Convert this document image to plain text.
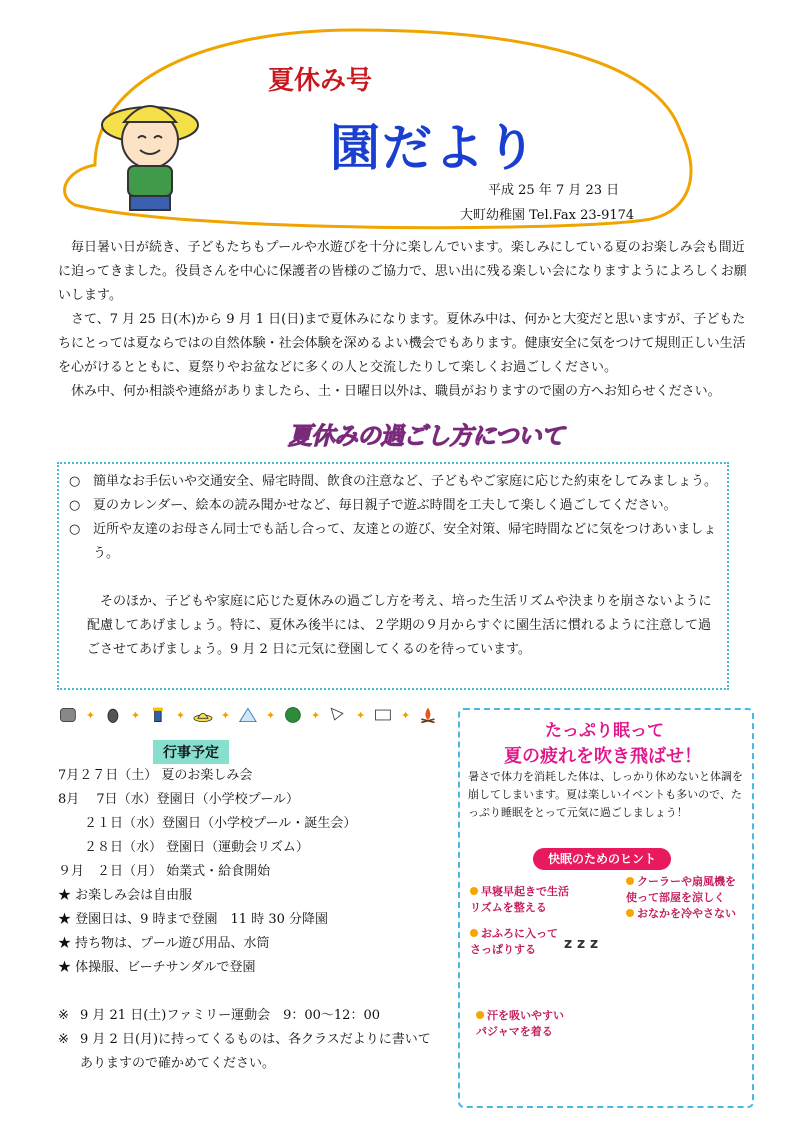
夏休み号
園だより
平成 25 年 7 月 23 日
大町幼稚園 Tel.Fax 23-9174

毎日暑い日が続き、子どもたちもプールや水遊びを十分に楽しんでいます。楽しみにしている夏のお楽しみ会も間近に迫ってきました。役員さんを中心に保護者の皆様のご協力で、思い出に残る楽しい会になりますようによろしくお願いします。

さて、7 月 25 日(木)から 9 月 1 日(日)まで夏休みになります。夏休み中は、何かと大変だと思いますが、子どもたちにとっては夏ならではの自然体験・社会体験を深めるよい機会でもあります。健康安全に気をつけて規則正しい生活を心がけるとともに、夏祭りやお盆などに多くの人と交流したりして楽しくお過ごしください。

休み中、何か相談や連絡がありましたら、土・日曜日以外は、職員がおりますので園の方へお知らせください。

夏休みの過ごし方について
○ 簡単なお手伝いや交通安全、帰宅時間、飲食の注意など、子どもやご家庭に応じた約束をしてみましょう。
○ 夏のカレンダー、絵本の読み聞かせなど、毎日親子で遊ぶ時間を工夫して楽しく過ごしてください。
○ 近所や友達のお母さん同士でも話し合って、友達との遊び、安全対策、帰宅時間などに気をつけあいましょう。
そのほか、子どもや家庭に応じた夏休みの過ごし方を考え、培った生活リズムや決まりを崩さないように配慮してあげましょう。特に、夏休み後半には、２学期の９月からすぐに園生活に慣れるように注意して過ごさせてあげましょう。9 月 2 日に元気に登園してくるのを待っています。
✦	✦	✦	✦	✦	✦	✦	✦
行事予定
7月２７日（土） 夏のお楽しみ会
8月　 7日（水）登園日（小学校プール）
　　２１日（水）登園日（小学校プール・誕生会）
　　２８日（水） 登園日（運動会リズム）
９月　２日（月） 始業式・給食開始
★ お楽しみ会は自由服
★ 登園日は、9 時まで登園　11 時 30 分降園
★ 持ち物は、プール遊び用品、水筒
★ 体操服、ビーチサンダルで登園
※ 9 月 21 日(土)ファミリー運動会　9：00～12：00
※ 9 月 2 日(月)に持ってくるものは、各クラスだよりに書いてありますので確かめてください。
たっぷり眠って
夏の疲れを吹き飛ばせ！
暑さで体力を消耗した体は、しっかり休めないと体調を崩してしまいます。夏は楽しいイベントも多いので、たっぷり睡眠をとって元気に過ごしましょう！
快眠のためのヒント
早寝早起きで生活リズムを整える
クーラーや扇風機を使って部屋を涼しく
おなかを冷やさない
おふろに入ってさっぱりする
汗を吸いやすいパジャマを着る
z z z
